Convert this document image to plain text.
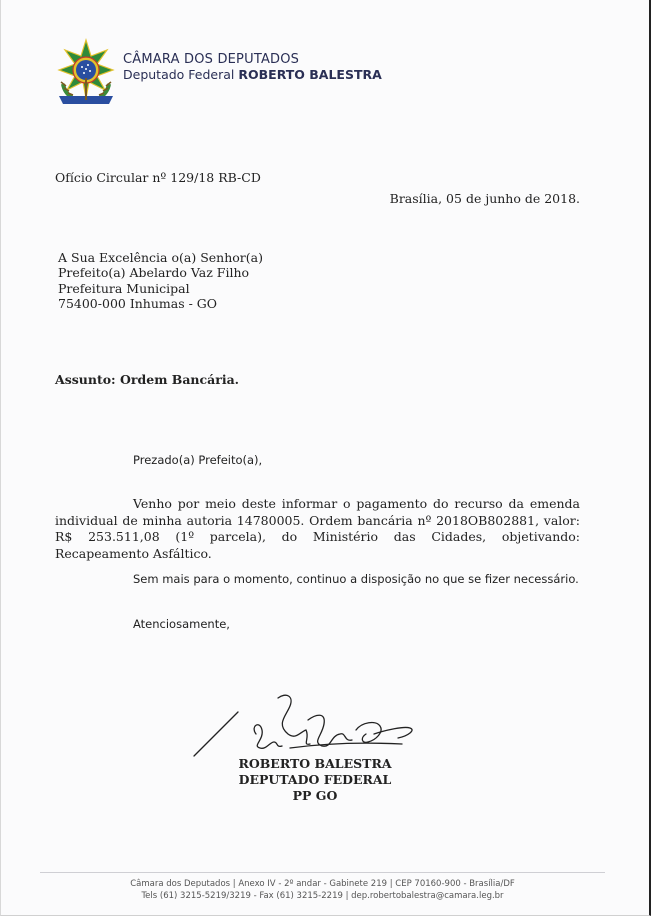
CÂMARA DOS DEPUTADOS
Deputado Federal ROBERTO BALESTRA
Ofício Circular nº 129/18 RB-CD
Brasília, 05 de junho de 2018.
A Sua Excelência o(a) Senhor(a)
Prefeito(a) Abelardo Vaz Filho
Prefeitura Municipal
75400-000 Inhumas - GO
Assunto: Ordem Bancária.
Prezado(a) Prefeito(a),
Venho por meio deste informar o pagamento do recurso da emenda individual de minha autoria 14780005. Ordem bancária nº 2018OB802881, valor: R$ 253.511,08 (1º parcela), do Ministério das Cidades, objetivando: Recapeamento Asfáltico.
Sem mais para o momento, continuo a disposição no que se fizer necessário.
Atenciosamente,
ROBERTO BALESTRA
DEPUTADO FEDERAL
PP GO
Câmara dos Deputados | Anexo IV - 2º andar - Gabinete 219 | CEP 70160-900 - Brasília/DF
Tels (61) 3215-5219/3219 - Fax (61) 3215-2219 | dep.robertobalestra@camara.leg.br
